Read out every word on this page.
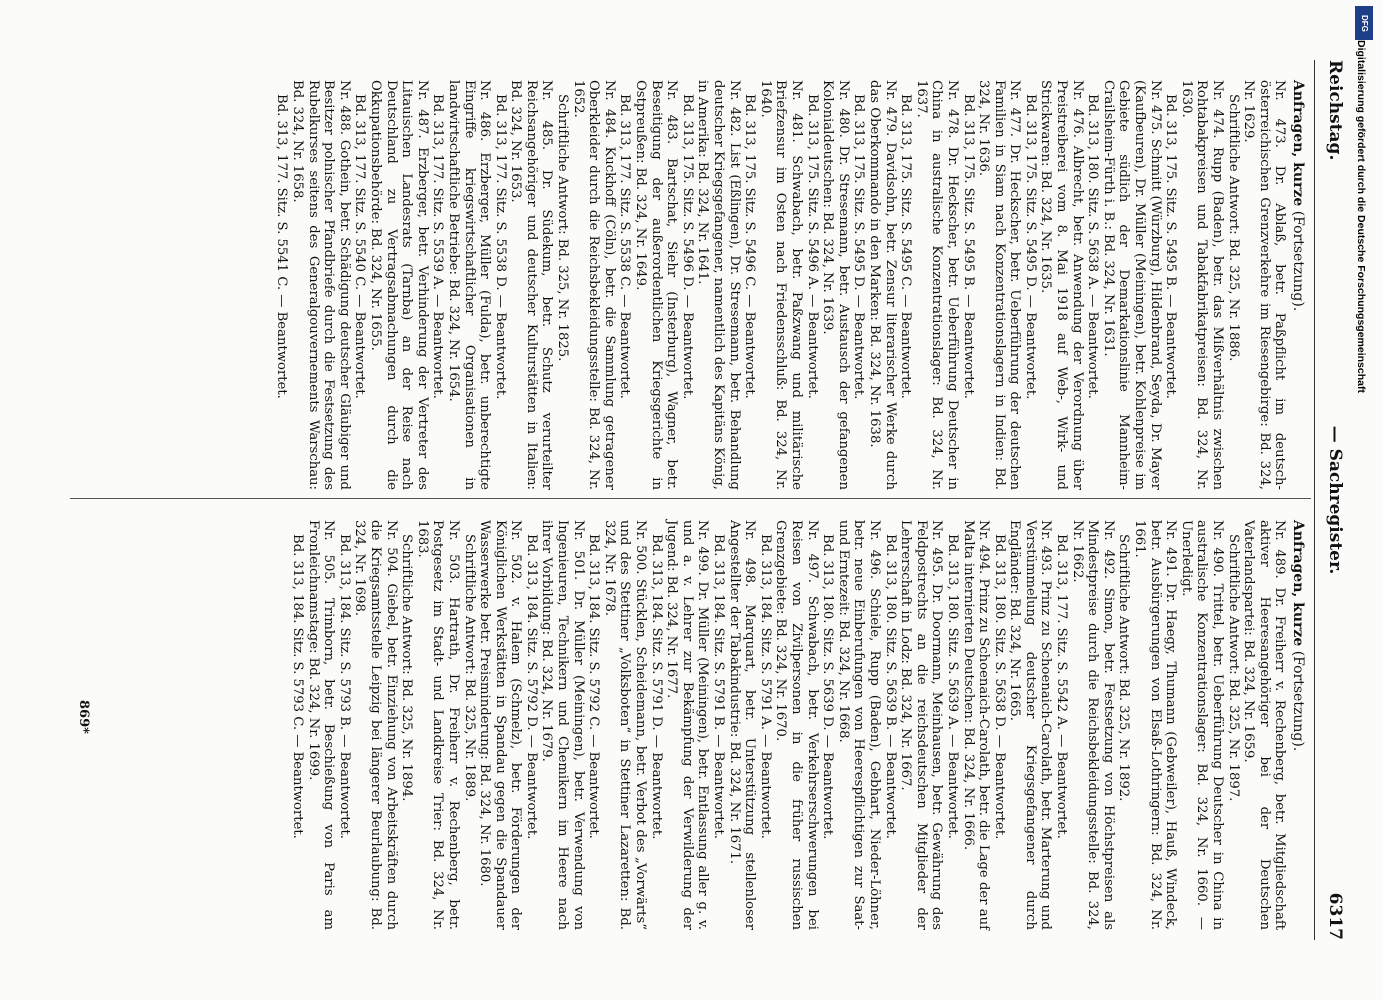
Reichstag.
— Sachregister.
6317
Anfragen, kurze (Fortsetzung).
Nr. 473. Dr. Ablaß, betr. Paßpflicht im deutsch-österreichischen Grenzverkehre im Riesengebirge: Bd. 324, Nr. 1629.
Schriftliche Antwort: Bd. 325, Nr. 1886.
Nr. 474. Rupp (Baden), betr. das Mißverhältnis zwischen Rohtabakpreisen und Tabakfabrikatpreisen: Bd. 324, Nr. 1630.
Bd. 313, 175. Sitz. S. 5495 B. — Beantwortet.
Nr. 475. Schmitt (Würzburg), Hildenbrand, Seyda, Dr. Mayer (Kaufbeuren), Dr. Müller (Meiningen), betr. Kohlenpreise im Gebiete südlich der Demarkationslinie Mannheim-Crailsheim-Fürth i. B.: Bd. 324, Nr. 1631.
Bd. 313, 180. Sitz. S. 5638 A. — Beantwortet.
Nr. 476. Albrecht, betr. Anwendung der Verordnung über Preistreiberei vom 8. Mai 1918 auf Web-, Wirk- und Strickwaren: Bd. 324, Nr. 1635.
Bd. 313, 175. Sitz. S. 5495 D. — Beantwortet.
Nr. 477. Dr. Heckscher, betr. Ueberführung der deutschen Familien in Siam nach Konzentrationslagern in Indien: Bd. 324, Nr. 1636.
Bd. 313, 175. Sitz. S. 5495 B. — Beantwortet.
Nr. 478. Dr. Heckscher, betr. Ueberführung Deutscher in China in australische Konzentrationslager: Bd. 324, Nr. 1637.
Bd. 313, 175. Sitz. S. 5495 C. — Beantwortet.
Nr. 479. Davidsohn, betr. Zensur literarischer Werke durch das Oberkommando in den Marken: Bd. 324, Nr. 1638.
Bd. 313, 175. Sitz. S. 5495 D. — Beantwortet.
Nr. 480. Dr. Stresemann, betr. Austausch der gefangenen Kolonialdeutschen: Bd. 324, Nr. 1639.
Bd. 313, 175. Sitz. S. 5496 A. — Beantwortet.
Nr. 481. Schwabach, betr. Paßzwang und militärische Briefzensur im Osten nach Friedensschluß: Bd. 324, Nr. 1640.
Bd. 313, 175. Sitz. S. 5496 C. — Beantwortet.
Nr. 482. List (Eßlingen), Dr. Stresemann, betr. Behandlung deutscher Kriegsgefangener, namentlich des Kapitäns König, in Amerika: Bd. 324, Nr. 1641.
Bd. 313, 175. Sitz. S. 5496 D. — Beantwortet.
Nr. 483. Bartschat, Siehr (Insterburg), Wagner, betr. Beseitigung der außerordentlichen Kriegsgerichte in Ostpreußen: Bd. 324, Nr. 1649.
Bd. 313, 177. Sitz. S. 5538 C. — Beantwortet.
Nr. 484. Kuckhoff (Cöln), betr. die Sammlung getragener Oberkleider durch die Reichsbekleidungsstelle: Bd. 324, Nr. 1652.
Schriftliche Antwort: Bd. 325, Nr. 1825.
Nr. 485. Dr. Südekum, betr. Schutz verurteilter Reichsangehöriger und deutscher Kulturstätten in Italien: Bd. 324, Nr. 1653.
Bd. 313, 177. Sitz. S. 5538 D. — Beantwortet.
Nr. 486. Erzberger, Müller (Fulda), betr. unberechtigte Eingriffe kriegswirtschaftlicher Organisationen in landwirtschaftliche Betriebe: Bd. 324, Nr. 1654.
Bd. 313, 177. Sitz. S. 5539 A. — Beantwortet.
Nr. 487. Erzberger, betr. Verhinderung der Vertreter des Litauischen Landesrats (Tarnba) an der Reise nach Deutschland zu Vertragsabmachungen durch die Okkupationsbehörde: Bd. 324, Nr. 1655.
Bd. 313, 177. Sitz. S. 5540 C. — Beantwortet.
Nr. 488. Gothein, betr. Schädigung deutscher Gläubiger und Besitzer polnischer Pfandbriefe durch die Festsetzung des Rubelkurses seitens des Generalgouvernements Warschau: Bd. 324, Nr. 1658.
Bd. 313, 177. Sitz. S. 5541 C. — Beantwortet.
Anfragen, kurze (Fortsetzung).
Nr. 489. Dr. Freiherr v. Rechenberg, betr. Mitgliedschaft aktiver Heeresangehöriger bei der Deutschen Vaterlandspartei: Bd. 324, Nr. 1659.
Schriftliche Antwort: Bd. 325, Nr. 1897.
Nr. 490. Trittel, betr. Ueberführung Deutscher in China in australische Konzentrationslager: Bd. 324, Nr. 1660. — Unerledigt.
Nr. 491. Dr. Haegy, Thumann (Gebweiler), Hauß, Windeck, betr. Ausbürgerungen von Elsaß-Lothringern: Bd. 324, Nr. 1661.
Schriftliche Antwort: Bd. 325, Nr. 1892.
Nr. 492. Simon, betr. Festsetzung von Höchstpreisen als Mindestpreise durch die Reichsbekleidungsstelle: Bd. 324, Nr. 1662.
Bd. 313, 177. Sitz. S. 5542 A. — Beantwortet.
Nr. 493. Prinz zu Schoenaich-Carolath, betr. Marterung und Verstümmelung deutscher Kriegsgefangener durch Engländer: Bd. 324, Nr. 1665.
Bd. 313, 180. Sitz. S. 5638 D. — Beantwortet.
Nr. 494. Prinz zu Schoenaich-Carolath, betr. die Lage der auf Malta internierten Deutschen: Bd. 324, Nr. 1666.
Bd. 313, 180. Sitz. S. 5639 A. — Beantwortet.
Nr. 495. Dr. Doormann, Meinhausen, betr. Gewährung des Feldpostrechts an die reichsdeutschen Mitglieder der Lehrerschaft in Lodz: Bd. 324, Nr. 1667.
Bd. 313, 180. Sitz. S. 5639 B. — Beantwortet.
Nr. 496. Schiele, Rupp (Baden), Gebhart, Nieder-Löhner, betr. neue Einberufungen von Heerespflichtigen zur Saat- und Erntezeit: Bd. 324, Nr. 1668.
Bd. 313, 180. Sitz. S. 5639 D. — Beantwortet.
Nr. 497. Schwabach, betr. Verkehrserschwerungen bei Reisen von Zivilpersonen in die früher russischen Grenzgebiete: Bd. 324, Nr. 1670.
Bd. 313, 184. Sitz. S. 5791 A. — Beantwortet.
Nr. 498. Marquart, betr. Unterstützung stellenloser Angestellter der Tabakindustrie: Bd. 324, Nr. 1671.
Bd. 313, 184. Sitz. S. 5791 B. — Beantwortet.
Nr. 499. Dr. Müller (Meiningen), betr. Entlassung aller g. v. und a. v. Lehrer zur Bekämpfung der Verwilderung der Jugend: Bd. 324, Nr. 1677.
Bd. 313, 184. Sitz. S. 5791 D. — Beantwortet.
Nr. 500. Stücklen, Scheidemann, betr. Verbot des „Vorwärts“ und des Stettiner „Volksboten“ in Stettiner Lazaretten: Bd. 324, Nr. 1678.
Bd. 313, 184. Sitz. S. 5792 C. — Beantwortet.
Nr. 501. Dr. Müller (Meiningen), betr. Verwendung von Ingenieuren, Technikern und Chemikern im Heere nach ihrer Vorbildung: Bd. 324, Nr. 1679.
Bd. 313, 184. Sitz. S. 5792 D. — Beantwortet.
Nr. 502. v. Halem (Schmelz), betr. Förderungen der Königlichen Werkstätten in Spandau gegen die Spandauer Wasserwerke betr. Preisminderung: Bd. 324, Nr. 1680.
Schriftliche Antwort: Bd. 325, Nr. 1889.
Nr. 503. Hartrath, Dr. Freiherr v. Rechenberg, betr. Postgesetz im Stadt- und Landkreise Trier: Bd. 324, Nr. 1683.
Schriftliche Antwort: Bd. 325, Nr. 1894.
Nr. 504. Giebel, betr. Einziehung von Arbeitskräften durch die Kriegsamtsstelle Leipzig bei längerer Beurlaubung: Bd. 324, Nr. 1698.
Bd. 313, 184. Sitz. S. 5793 B. — Beantwortet.
Nr. 505. Trimborn, betr. Beschießung von Paris am Fronleichnamstage: Bd. 324, Nr. 1699.
Bd. 313, 184. Sitz. S. 5793 C. — Beantwortet.
869*
DFG
Digitalisierung gefördert durch die Deutsche Forschungsgemeinschaft
